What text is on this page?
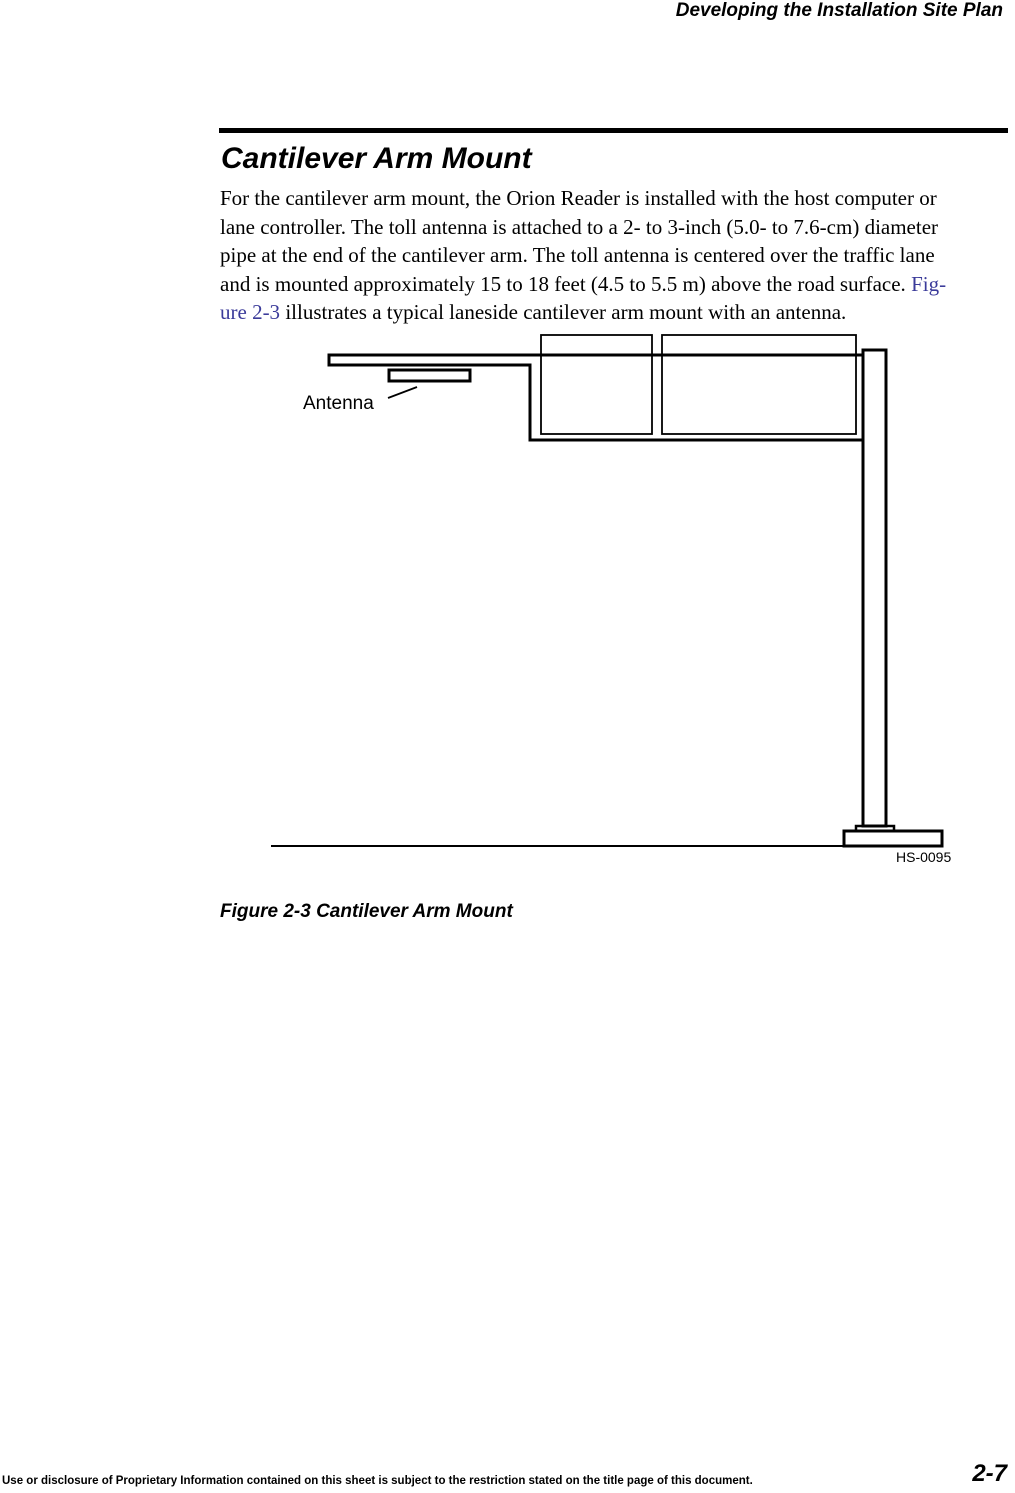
Developing the Installation Site Plan
Cantilever Arm Mount
For the cantilever arm mount, the Orion Reader is installed with the host computer or
lane controller. The toll antenna is attached to a 2- to 3-inch (5.0- to 7.6-cm) diameter
pipe at the end of the cantilever arm. The toll antenna is centered over the traffic lane
and is mounted approximately 15 to 18 feet (4.5 to 5.5 m) above the road surface. Fig-
ure 2-3 illustrates a typical laneside cantilever arm mount with an antenna.
Antenna
HS-0095
Figure 2-3 Cantilever Arm Mount
Use or disclosure of Proprietary Information contained on this sheet is subject to the restriction stated on the title page of this document.	2-7
